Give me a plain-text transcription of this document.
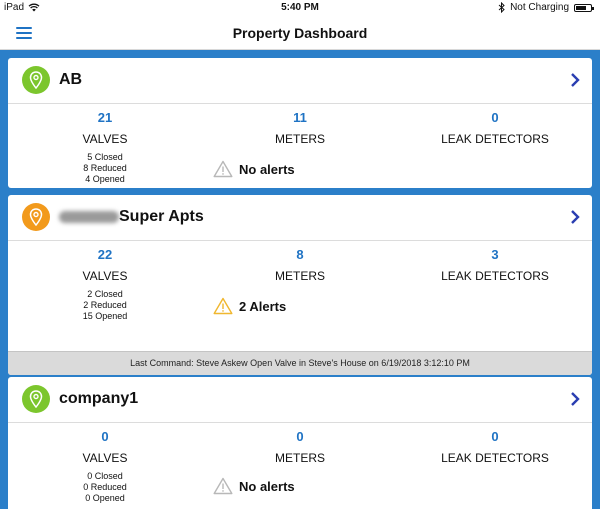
iPad	5:40 PM	Not Charging
Property Dashboard
AB
21
VALVES
11
METERS
0
LEAK DETECTORS
5 Closed
8 Reduced
4 Opened
No alerts
Super Apts
22
VALVES
8
METERS
3
LEAK DETECTORS
2 Closed
2 Reduced
15 Opened
2 Alerts
Last Command: Steve Askew Open Valve in Steve's House on 6/19/2018 3:12:10 PM
company1
0
VALVES
0
METERS
0
LEAK DETECTORS
0 Closed
0 Reduced
0 Opened
No alerts
